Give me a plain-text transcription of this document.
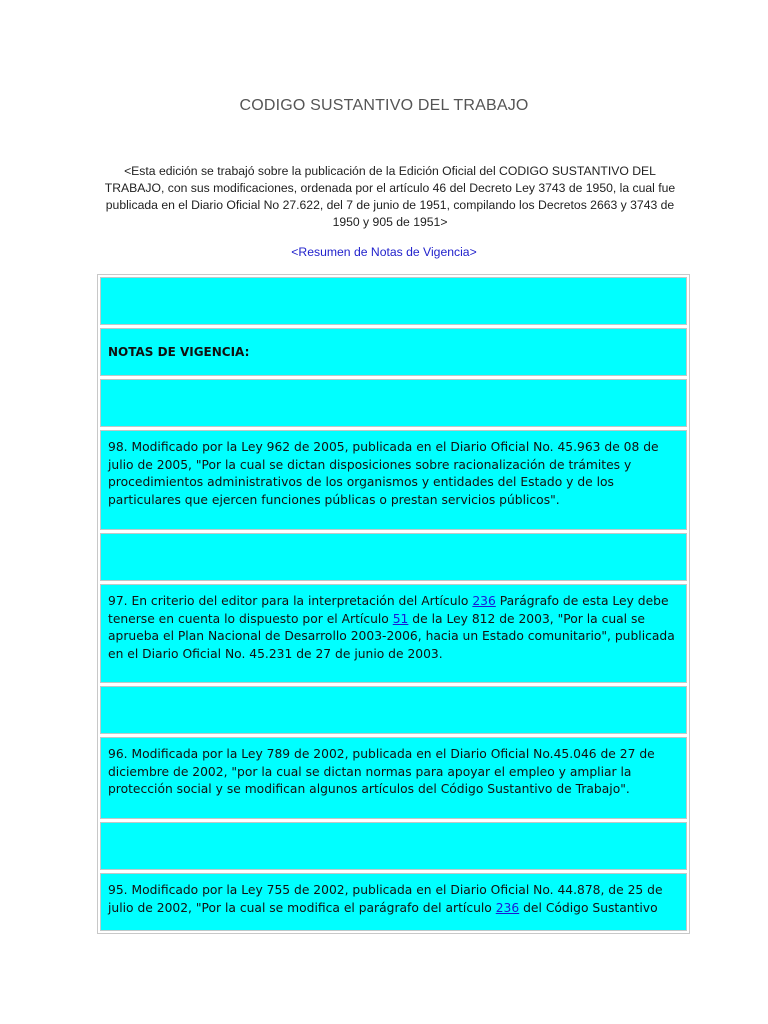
CODIGO SUSTANTIVO DEL TRABAJO
<Esta edición se trabajó sobre la publicación de la Edición Oficial del CODIGO SUSTANTIVO DEL TRABAJO, con sus modificaciones, ordenada por el artículo 46 del Decreto Ley 3743 de 1950, la cual fue publicada en el Diario Oficial No 27.622, del 7 de junio de 1951, compilando los Decretos 2663 y 3743 de 1950 y 905 de 1951>
<Resumen de Notas de Vigencia>
NOTAS DE VIGENCIA:
98. Modificado por la Ley 962 de 2005, publicada en el Diario Oficial No. 45.963 de 08 de julio de 2005, "Por la cual se dictan disposiciones sobre racionalización de trámites y procedimientos administrativos de los organismos y entidades del Estado y de los particulares que ejercen funciones públicas o prestan servicios públicos".
97. En criterio del editor para la interpretación del Artículo 236 Parágrafo de esta Ley debe tenerse en cuenta lo dispuesto por el Artículo 51 de la Ley 812 de 2003, "Por la cual se aprueba el Plan Nacional de Desarrollo 2003-2006, hacia un Estado comunitario", publicada en el Diario Oficial No. 45.231 de 27 de junio de 2003.
96. Modificada por la Ley 789 de 2002, publicada en el Diario Oficial No.45.046 de 27 de diciembre de 2002, "por la cual se dictan normas para apoyar el empleo y ampliar la protección social y se modifican algunos artículos del Código Sustantivo de Trabajo".
95. Modificado por la Ley 755 de 2002, publicada en el Diario Oficial No. 44.878, de 25 de julio de 2002, "Por la cual se modifica el parágrafo del artículo 236 del Código Sustantivo
